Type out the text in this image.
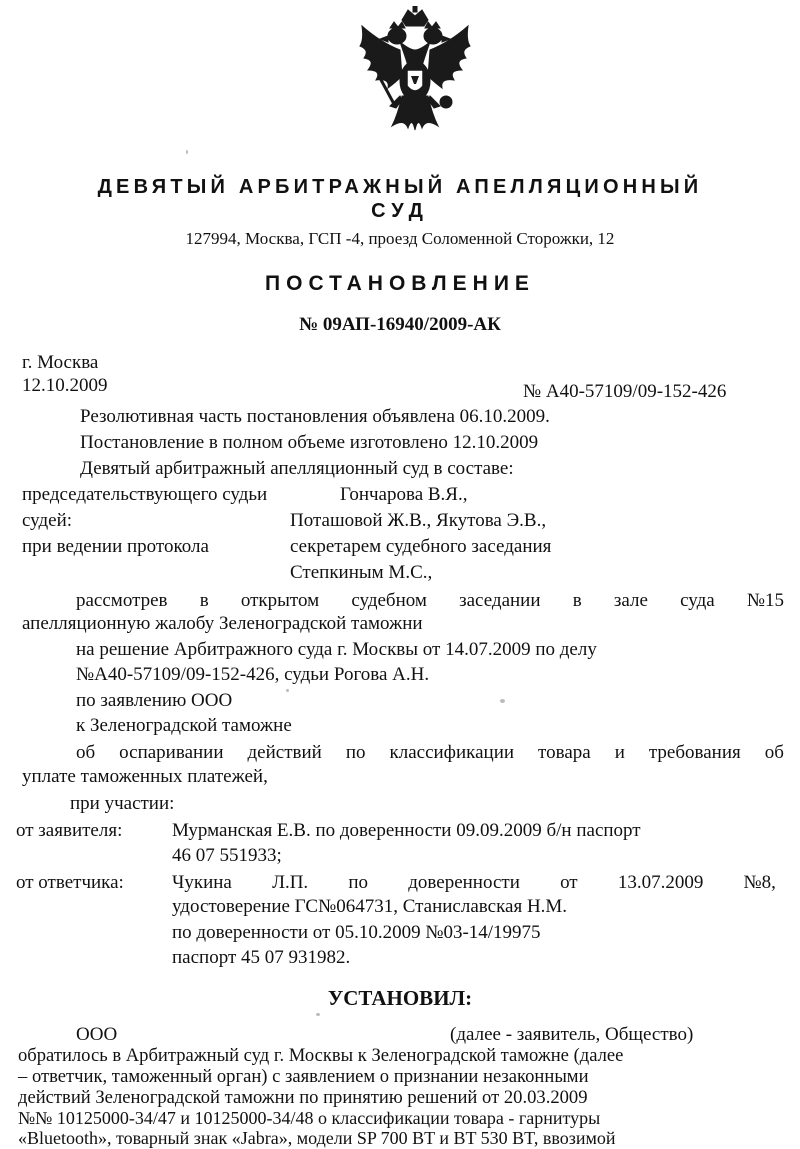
ДЕВЯТЫЙ АРБИТРАЖНЫЙ АПЕЛЛЯЦИОННЫЙ
СУД
127994, Москва, ГСП -4, проезд Соломенной Сторожки, 12
ПОСТАНОВЛЕНИЕ
№ 09АП-16940/2009-АК
г. Москва
12.10.2009	№ А40-57109/09-152-426
Резолютивная часть постановления объявлена 06.10.2009.
Постановление в полном объеме изготовлено 12.10.2009
Девятый арбитражный апелляционный суд в составе:
председательствующего судьи	Гончарова В.Я.,
судей:	Поташовой Ж.В., Якутова Э.В.,
при ведении протокола	секретарем судебного заседания
Степкиным М.С.,
рассмотрев в открытом судебном заседании в зале суда №15
апелляционную жалобу Зеленоградской таможни
на решение Арбитражного суда г. Москвы от 14.07.2009 по делу
№А40-57109/09-152-426, судьи Рогова А.Н.
по заявлению ООО
к Зеленоградской таможне
об оспаривании действий по классификации товара и требования об
уплате таможенных платежей,
при участии:
от заявителя:	Мурманская Е.В. по доверенности 09.09.2009 б/н паспорт
46 07 551933;
от ответчика:	Чукина Л.П. по доверенности от 13.07.2009 №8,
удостоверение ГС№064731, Станиславская Н.М.
по доверенности от 05.10.2009 №03-14/19975
паспорт 45 07 931982.
УСТАНОВИЛ:
ООО	(далее - заявитель, Общество)
обратилось в Арбитражный суд г. Москвы к Зеленоградской таможне (далее
– ответчик, таможенный орган) с заявлением о признании незаконными
действий Зеленоградской таможни по принятию решений от 20.03.2009
№№ 10125000-34/47 и 10125000-34/48 о классификации товара - гарнитуры
«Bluetooth», товарный знак «Jabra», модели SP 700 BT и BT 530 BT, ввозимой
